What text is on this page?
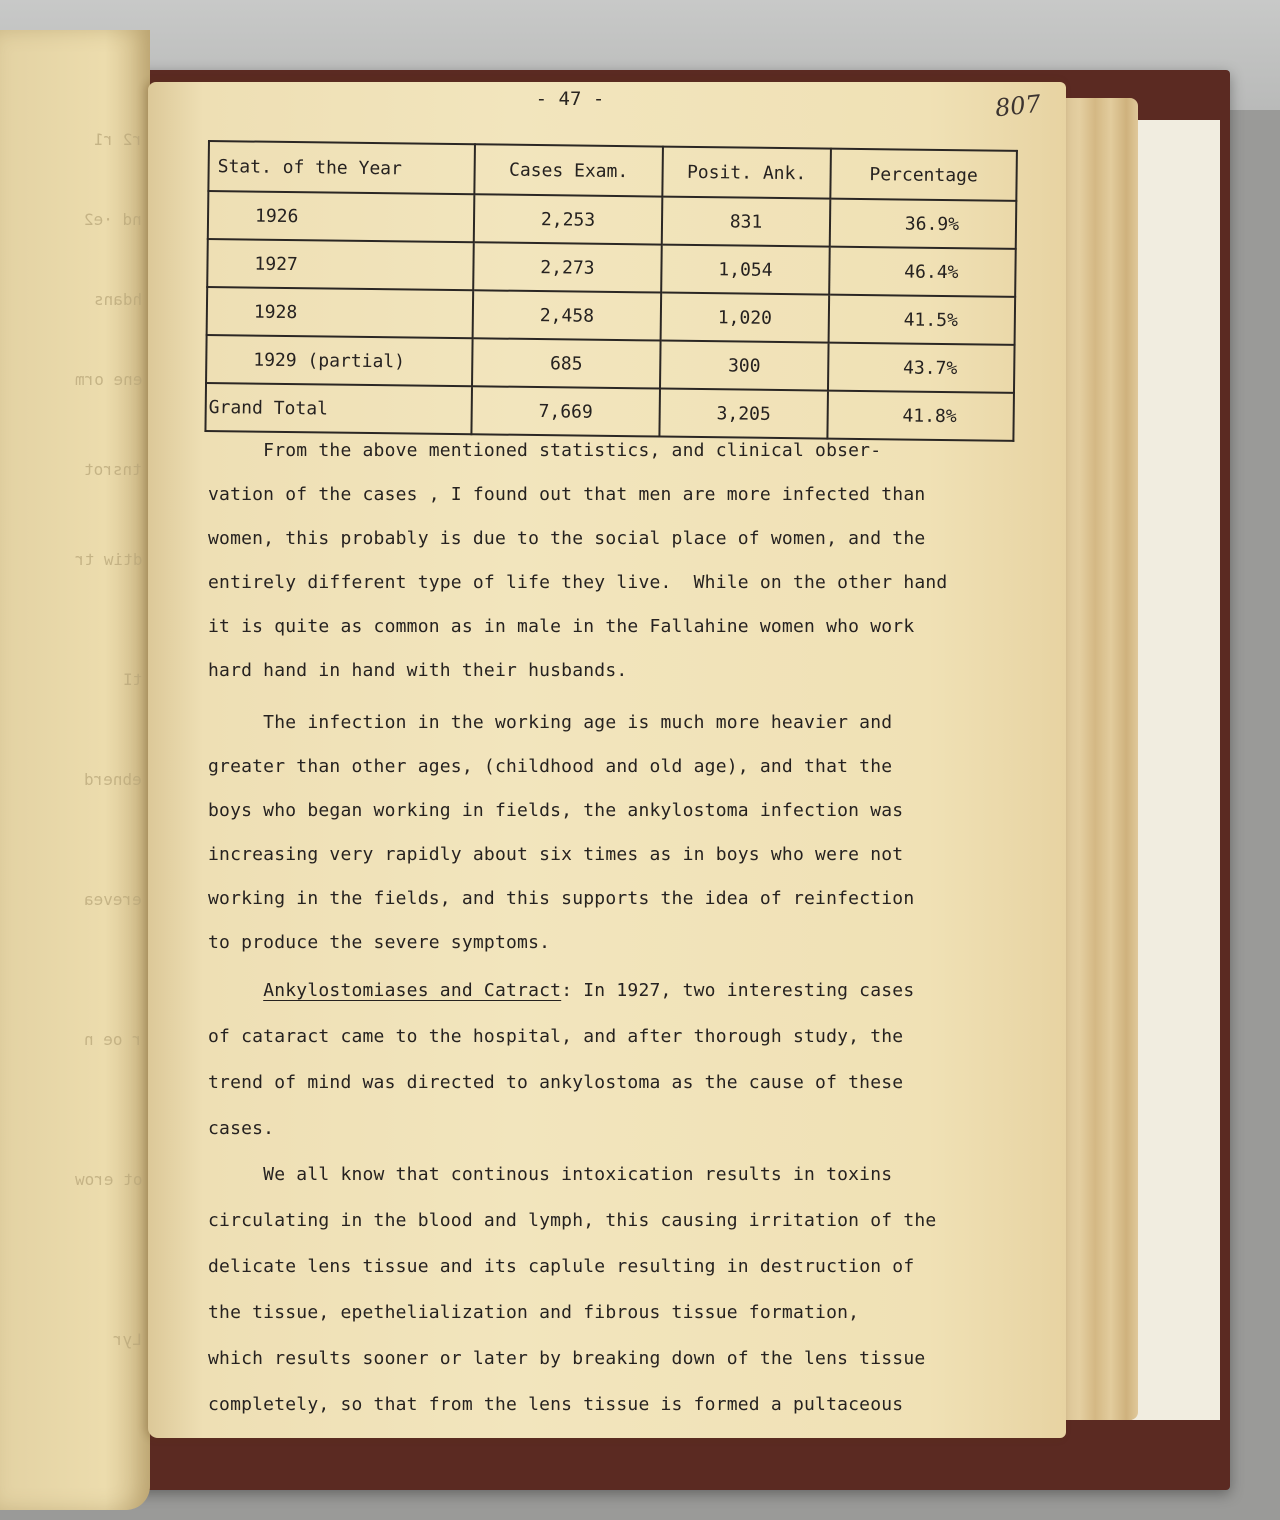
r2 r1
nd ·e2
hdans
ene orm
tnsrot
dtiw tr
tI
ebnerd
erevea
r oe n
ot erow
Lyr
- 47 -	807
Stat. of the Year	Cases Exam.	Posit. Ank.	Percentage
1926	2,253	831	36.9%
1927	2,273	1,054	46.4%
1928	2,458	1,020	41.5%
1929 (partial)	685	300	43.7%
Grand Total	7,669	3,205	41.8%
From the above mentioned statistics, and clinical obser-
vation of the cases , I found out that men are more infected than
women, this probably is due to the social place of women, and the
entirely different type of life they live.  While on the other hand
it is quite as common as in male in the Fallahine women who work
hard hand in hand with their husbands.
The infection in the working age is much more heavier and
greater than other ages, (childhood and old age), and that the
boys who began working in fields, the ankylostoma infection was
increasing very rapidly about six times as in boys who were not
working in the fields, and this supports the idea of reinfection
to produce the severe symptoms.
Ankylostomiases and Catract: In 1927, two interesting cases
of cataract came to the hospital, and after thorough study, the
trend of mind was directed to ankylostoma as the cause of these
cases.
We all know that continous intoxication results in toxins
circulating in the blood and lymph, this causing irritation of the
delicate lens tissue and its caplule resulting in destruction of
the tissue, epethelialization and fibrous tissue formation,
which results sooner or later by breaking down of the lens tissue
completely, so that from the lens tissue is formed a pultaceous
